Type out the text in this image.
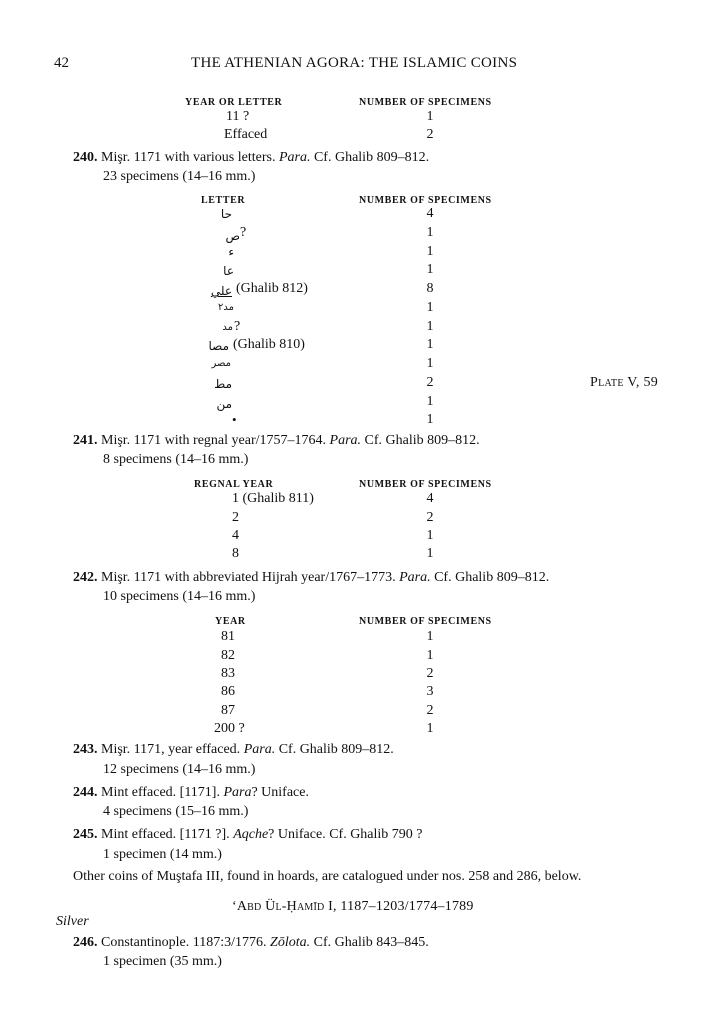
42	THE ATHENIAN AGORA: THE ISLAMIC COINS
YEAR OR LETTER	NUMBER OF SPECIMENS
11 ?	1
Effaced	2
240. Mişr. 1171 with various letters. Para. Cf. Ghalib 809–812.
23 specimens (14–16 mm.)
LETTER	NUMBER OF SPECIMENS
حا	4
ص ?	1
ء	1
عا	1
علي (Ghalib 812)	8
مد٢	1
مد ?	1
مصا (Ghalib 810)	1
مصر	1
مط	2
من	1
•	1
Plate V, 59
241. Mişr. 1171 with regnal year/1757–1764. Para. Cf. Ghalib 809–812.
8 specimens (14–16 mm.)
REGNAL YEAR	NUMBER OF SPECIMENS
1 (Ghalib 811)	4
2	2
4	1
8	1
242. Mişr. 1171 with abbreviated Hijrah year/1767–1773. Para. Cf. Ghalib 809–812.
10 specimens (14–16 mm.)
YEAR	NUMBER OF SPECIMENS
81	1
82	1
83	2
86	3
87	2
200 ?	1
243. Mişr. 1171, year effaced. Para. Cf. Ghalib 809–812.
12 specimens (14–16 mm.)
244. Mint effaced. [1171]. Para? Uniface.
4 specimens (15–16 mm.)
245. Mint effaced. [1171 ?]. Aqche? Uniface. Cf. Ghalib 790 ?
1 specimen (14 mm.)
Other coins of Muştafa III, found in hoards, are catalogued under nos. 258 and 286, below.
ʻAbd Ül-Ḥamīd I, 1187–1203/1774–1789
Silver
246. Constantinople. 1187:3/1776. Zōlota. Cf. Ghalib 843–845.
1 specimen (35 mm.)
